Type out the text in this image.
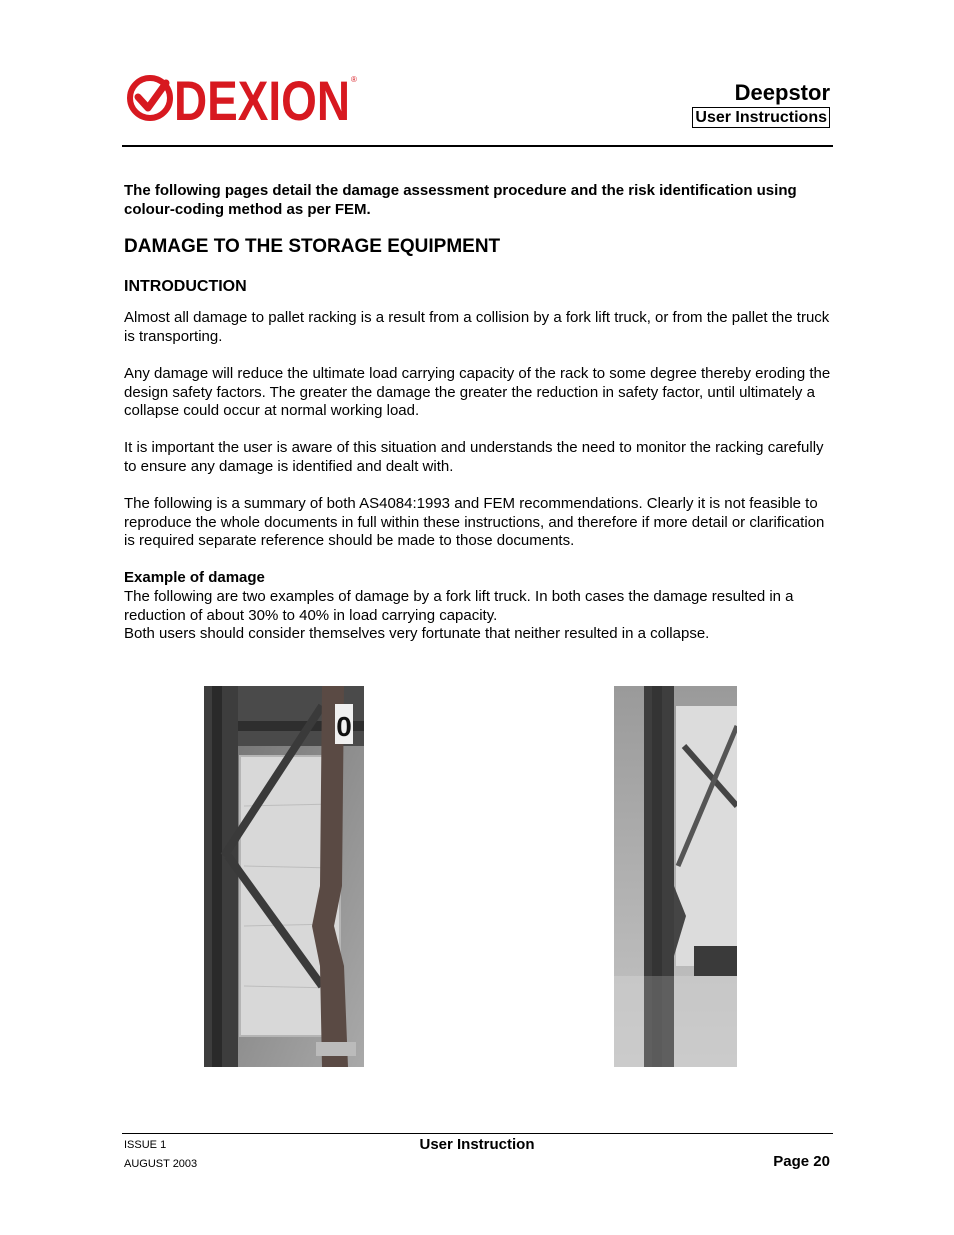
DEXION ®
Deepstor
User Instructions
The following pages detail the damage assessment procedure and the risk identification using colour-coding method as per FEM.
DAMAGE TO THE STORAGE EQUIPMENT
INTRODUCTION
Almost all damage to pallet racking is a result from a collision by a fork lift truck, or from the pallet the truck is transporting.
Any damage will reduce the ultimate load carrying capacity of the rack to some degree thereby eroding the design safety factors. The greater the damage the greater the reduction in safety factor, until ultimately a collapse could occur at normal working load.
It is important the user is aware of this situation and understands the need to monitor the racking carefully to ensure any damage is identified and dealt with.
The following is a summary of both AS4084:1993 and FEM recommendations. Clearly it is not feasible to reproduce the whole documents in full within these instructions, and therefore if more detail or clarification is required separate reference should be made to those documents.
Example of damage
The following are two examples of damage by a fork lift truck. In both cases the damage resulted in a reduction of about 30% to 40% in load carrying capacity.
Both users should consider themselves very fortunate that neither resulted in a collapse.
0
ISSUE 1
AUGUST 2003
User Instruction
Page 20
